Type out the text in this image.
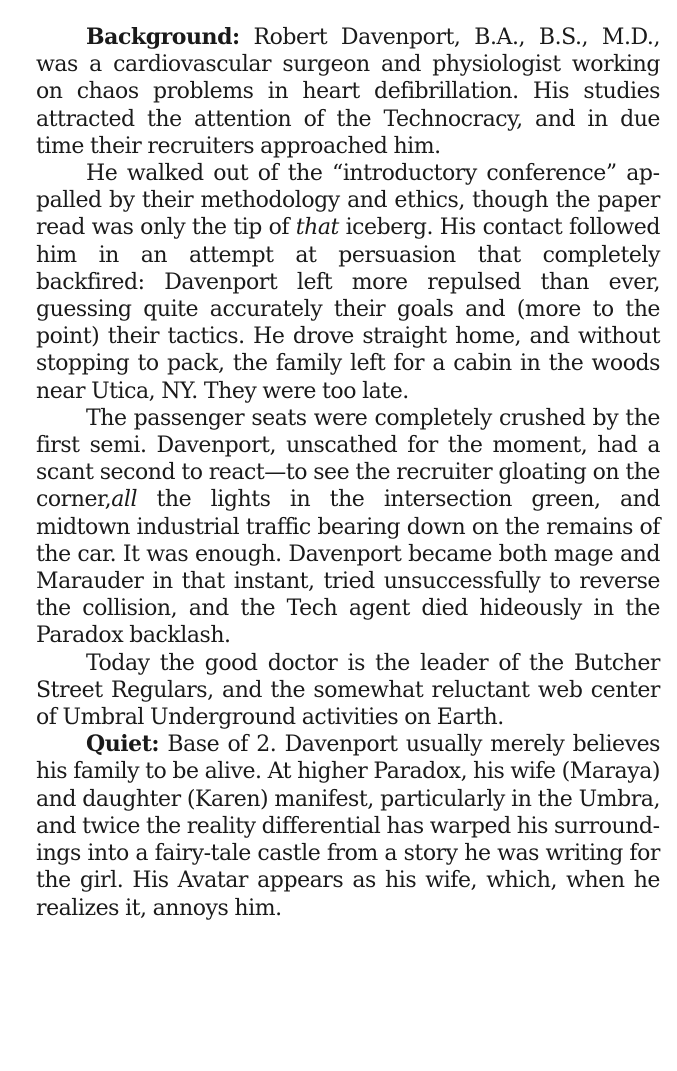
Background: Robert Davenport, B.A., B.S., M.D., was a cardiovascular surgeon and physiologist working on chaos problems in heart defibrillation. His studies attracted the attention of the Technocracy, and in due time their recruiters approached him.

He walked out of the “introductory conference” appalled by their methodology and ethics, though the paper read was only the tip of that iceberg. His contact followed him in an attempt at persuasion that completely backfired: Davenport left more repulsed than ever, guessing quite accurately their goals and (more to the point) their tactics. He drove straight home, and without stopping to pack, the family left for a cabin in the woods near Utica, NY. They were too late.

The passenger seats were completely crushed by the first semi. Davenport, unscathed for the moment, had a scant second to react—to see the recruiter gloating on the corner,all the lights in the intersection green, and midtown industrial traffic bearing down on the remains of the car. It was enough. Davenport became both mage and Marauder in that instant, tried unsuccessfully to reverse the collision, and the Tech agent died hideously in the Paradox backlash.

Today the good doctor is the leader of the Butcher Street Regulars, and the somewhat reluctant web center of Umbral Underground activities on Earth.

Quiet: Base of 2. Davenport usually merely believes his family to be alive. At higher Paradox, his wife (Maraya) and daughter (Karen) manifest, particularly in the Umbra, and twice the reality differential has warped his surroundings into a fairy-tale castle from a story he was writing for the girl. His Avatar appears as his wife, which, when he realizes it, annoys him.
